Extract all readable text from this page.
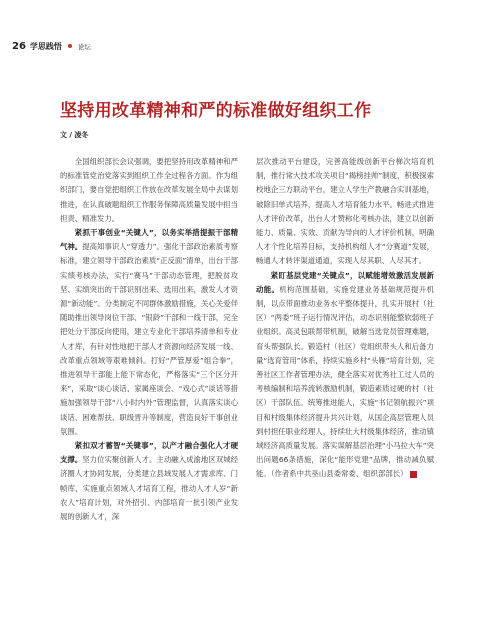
26 学思践悟 论坛
坚持用改革精神和严的标准做好组织工作
文 / 凌冬

全国组织部长会议强调，要把坚持用改革精神和严的标准管党治党落实到组织工作全过程各方面。作为组织部门，要自觉把组织工作放在改革发展全局中去谋划推进，在认真破题组织工作服务保障高质量发展中担当担责、精准发力。

紧抓干事创业“关键人”，以务实举措提振干部精气神。提高知事识人“穿透力”。强化干部政治素质考察标准，建立领导干部政治素质“正反面”清单，出台干部实绩考核办法，实行“赛马”干部动态管理，把脱贫攻坚、实绩突出的干部识别出来、选用出来，激发人才资源“新动能”。分类制定不同群体激励措施，关心关爱伴随助推出领导岗位干部、“银龄”干部和一线干部，完全把处分干部反向使用，建立专业化干部培养清单和专业人才库，有针对性地把干部人才资源向经济发展一线、改革重点领域等艰难倾斜。打好“严管厚爱”组合拳”，推进领导干部能上能下常态化，严格落实“三个区分开来”，采取“谈心谈话、家属座谈会、“戏心式”谈话等措施加强领导干部“八小时内外”管理监督，认真落实谈心谈话、困难帮扶、职级晋升等制度，营造良好干事创业氛围。

紧扣双才蓄智“关键事”，以产才融合强化人才硬支撑。坚力位实聚创新人才。主动融入成渝地区双城经济圈人才协同发展，分类建立县域发展人才需求库、门帧库，实施重点领域人才培育工程，推动人才人岁“新农人”培育计划，对外招引、内部培育一批引领产业发展的创新人才，深

层次推动平台建设，完善高能级创新平台梯次培育机制，推行常大技术攻关项目“揭榜挂帅”制度，积极探索校地企三方联动平台，建立人学生产教融合实训基地，破除旧单式培养，提高人才培育能力水平。畅进式推进人才评价改革，出台人才赞称化考核办法，建立以创新能力、质量、实效、贡献为导向的人才评价机制，明确人才个性化培养目标，支持机构组人才“分赛道”发展，畅通人才转评渠道通道，实现人尽其职、人尽其才。

紧盯基层党建“关键点”，以赋能增效激活发展新动能。机构范围基础，实施党建业务基础规范提升机制，以点带面推动业务水平整体提升，扎实开展村（社区）“两委”班子运行情况评估，动态识别能整软弱班子业组织。高灵包联帮带机制，破解当选党员管理难题，育头帮强队长。锻造村（社区）党组织带头人和后备力量“选育管用”体系，持续实施乡村“头雁”培育计划，完善社区工作者管理办法，健全落实对优秀社工过人员的考核编制和培养流转激励机制，锻造素质过硬的村（社区）干部队伍。统筹推进能人，实施“书记领航振兴”项目和村级集体经济提升共兴计划，从国企高层管理人员到村担任职业经理人，持续壮大村级集体经济，推动镇域经济高质量发展。落实谋解基层治理“小马拉大车”突出问题66条措施，深化“能形党建”品牌，推动减负赋能。（作者系中共巫山县委常委、组织部部长）	■
